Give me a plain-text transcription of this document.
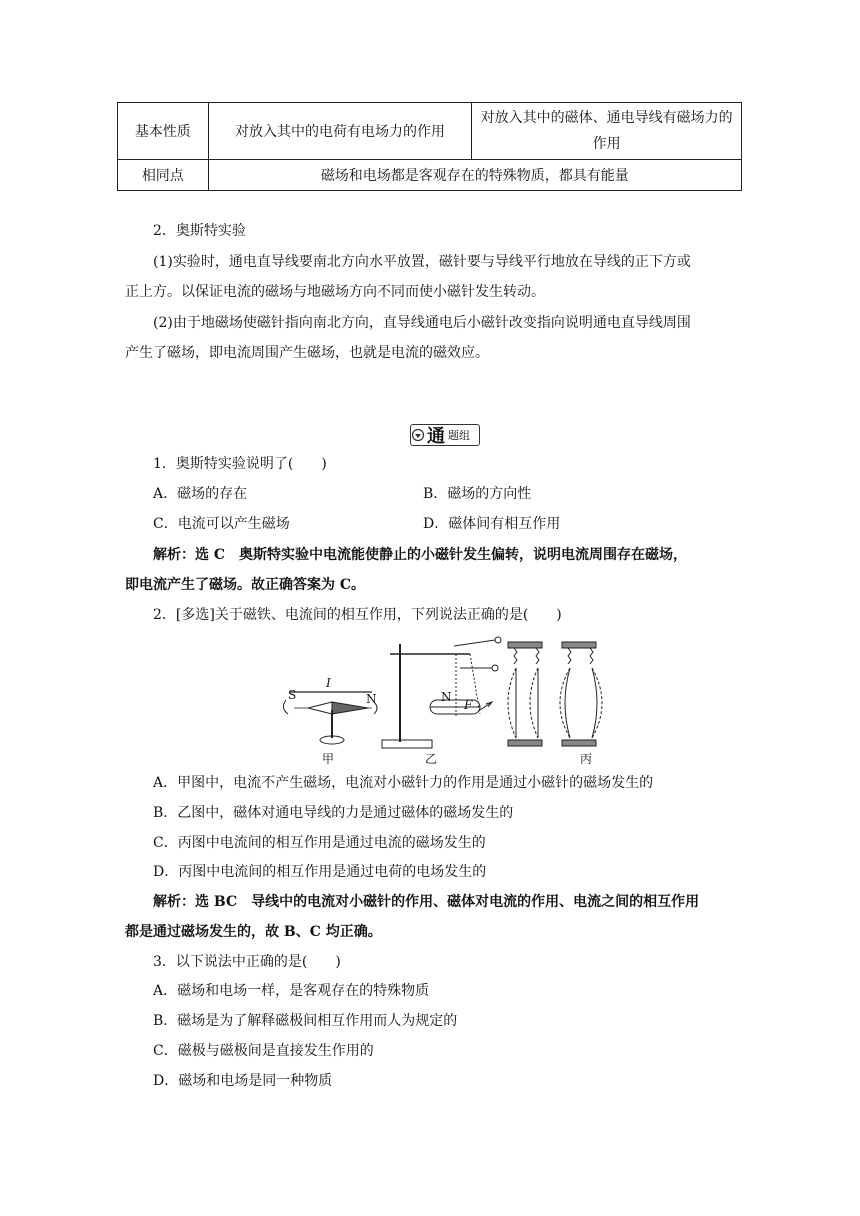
基本性质	对放入其中的电荷有电场力的作用	对放入其中的磁体、通电导线有磁场力的作用
相同点	磁场和电场都是客观存在的特殊物质，都具有能量	
2．奥斯特实验
(1)实验时，通电直导线要南北方向水平放置，磁针要与导线平行地放在导线的正下方或
正上方。以保证电流的磁场与地磁场方向不同而使小磁针发生转动。
(2)由于地磁场使磁针指向南北方向，直导线通电后小磁针改变指向说明通电直导线周围
产生了磁场，即电流周围产生磁场，也就是电流的磁效应。
通 题组
1．奥斯特实验说明了(　　)
A．磁场的存在	B．磁场的方向性
C．电流可以产生磁场	D．磁体间有相互作用
解析：选 C　奥斯特实验中电流能使静止的小磁针发生偏转，说明电流周围存在磁场，
即电流产生了磁场。故正确答案为 C。
2．[多选]关于磁铁、电流间的相互作用，下列说法正确的是(　　)
S	N
I
N
F
甲	乙	丙
A．甲图中，电流不产生磁场，电流对小磁针力的作用是通过小磁针的磁场发生的
B．乙图中，磁体对通电导线的力是通过磁体的磁场发生的
C．丙图中电流间的相互作用是通过电流的磁场发生的
D．丙图中电流间的相互作用是通过电荷的电场发生的
解析：选 BC　导线中的电流对小磁针的作用、磁体对电流的作用、电流之间的相互作用
都是通过磁场发生的，故 B、C 均正确。
3．以下说法中正确的是(　　)
A．磁场和电场一样，是客观存在的特殊物质
B．磁场是为了解释磁极间相互作用而人为规定的
C．磁极与磁极间是直接发生作用的
D．磁场和电场是同一种物质
